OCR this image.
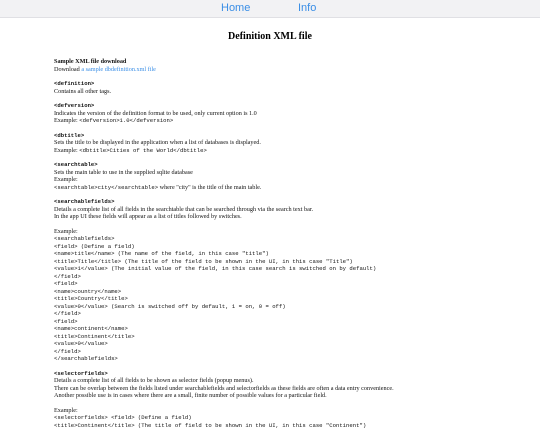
Home	Info
Definition XML file
Sample XML file download
Download a sample dbdefinition.xml file
<definition>
Contains all other tags.
<defversion>
Indicates the version of the definition format to be used, only current option is 1.0
Example: <defversion>1.0</defversion>
<dbtitle>
Sets the title to be displayed in the application when a list of databases is displayed.
Example: <dbtitle>Cities of the World</dbtitle>
<searchtable>
Sets the main table to use in the supplied sqlite database
Example:
<searchtable>city</searchtable> where "city" is the title of the main table.
<searchablefields>
Details a complete list of all fields in the searchtable that can be searched through via the search text bar.
In the app UI these fields will appear as a list of titles followed by switches.
Example:
<searchablefields>
<field> (Define a field)
<name>title</name> (The name of the field, in this case "title")
<title>Title</title> (The title of the field to be shown in the UI, in this case "Title")
<value>1</value> (The initial value of the field, in this case search is switched on by default)
</field>
<field>
<name>country</name>
<title>Country</title>
<value>0</value> (Search is switched off by default, 1 = on, 0 = off)
</field>
<field>
<name>continent</name>
<title>Continent</title>
<value>0</value>
</field>
</searchablefields>
<selectorfields>
Details a complete list of all fields to be shown as selector fields (popup menus).
There can be overlap between the fields listed under searchablefields and selectorfields as these fields are often a data entry convenience.
Another possible use is in cases where there are a small, finite number of possible values for a particular field.
Example:
<selectorfields> <field> (Define a field)
<title>Continent</title> (The title of field to be shown in the UI, in this case "Continent")
